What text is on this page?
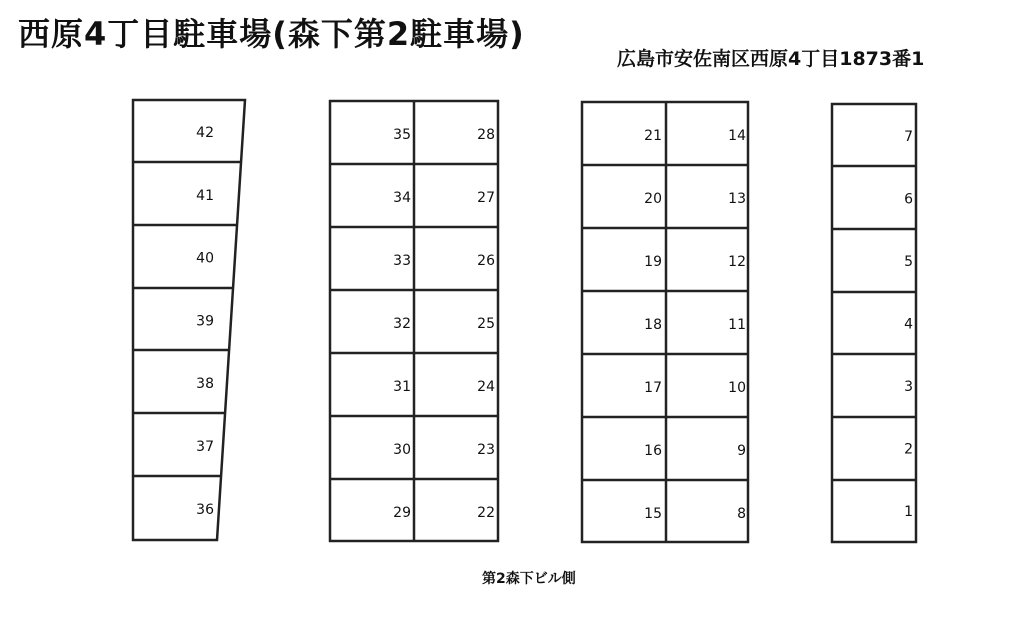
西原4丁目駐車場(森下第2駐車場)
広島市安佐南区西原4丁目1873番1
第2森下ビル側
42
41
40
39
38
37
36
35
34
33
32
31
30
29
28
27
26
25
24
23
22
21
20
19
18
17
16
15
14
13
12
11
10
9
8
7
6
5
4
3
2
1
